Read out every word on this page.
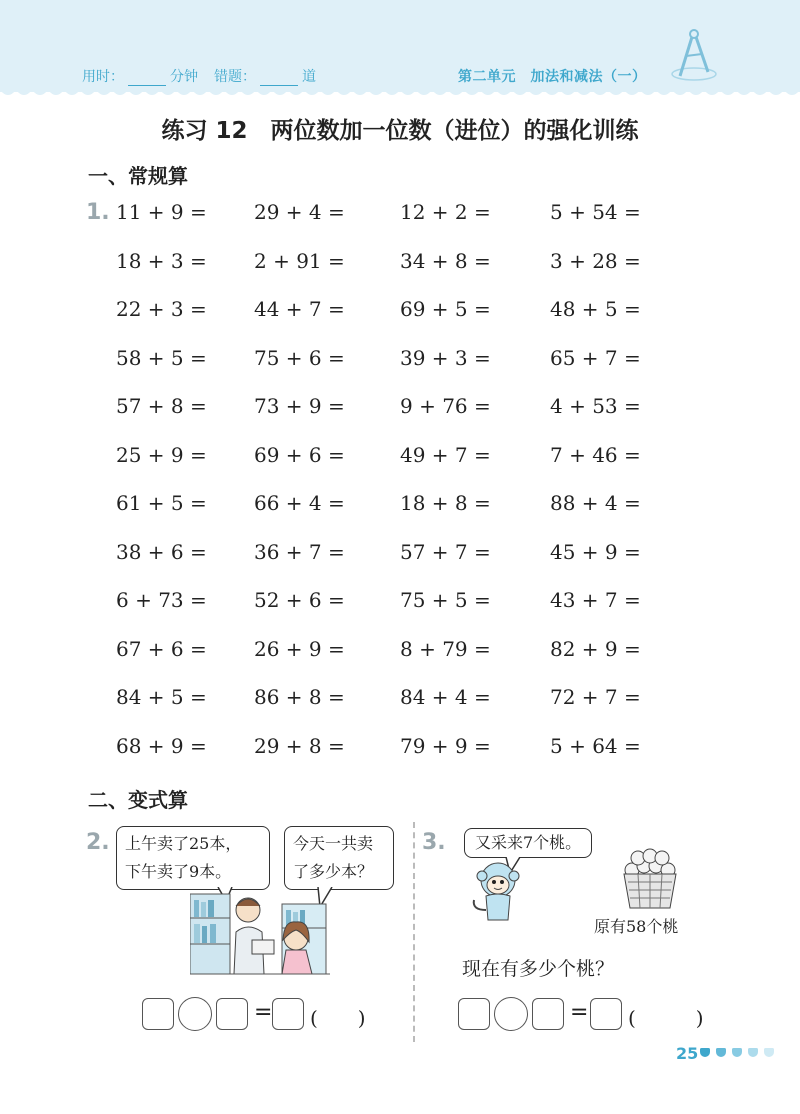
用时：	分钟 错题：	道	第二单元　加法和减法（一）
练习 12　两位数加一位数（进位）的强化训练
一、常规算
1. 11 + 9 = 29 + 4 =	12 + 2 =	5 + 54 =
18 + 3 = 2 + 91 =	34 + 8 =	3 + 28 =
22 + 3 = 44 + 7 =	69 + 5 =	48 + 5 =
58 + 5 = 75 + 6 =	39 + 3 =	65 + 7 =
57 + 8 = 73 + 9 =	9 + 76 =	4 + 53 =
25 + 9 = 69 + 6 =	49 + 7 =	7 + 46 =
61 + 5 = 66 + 4 =	18 + 8 =	88 + 4 =
38 + 6 = 36 + 7 =	57 + 7 =	45 + 9 =
6 + 73 = 52 + 6 =	75 + 5 =	43 + 7 =
67 + 6 = 26 + 9 =	8 + 79 =	82 + 9 =
84 + 5 = 86 + 8 =	84 + 4 =	72 + 7 =
68 + 9 = 29 + 8 =	79 + 9 =	5 + 64 =
二、变式算
2. 上午卖了25本，
下午卖了9本。
今天一共卖
了多少本？
= (　　)
3. 又采来7个桃。
原有58个桃
现在有多少个桃？
= (　　　)
25
